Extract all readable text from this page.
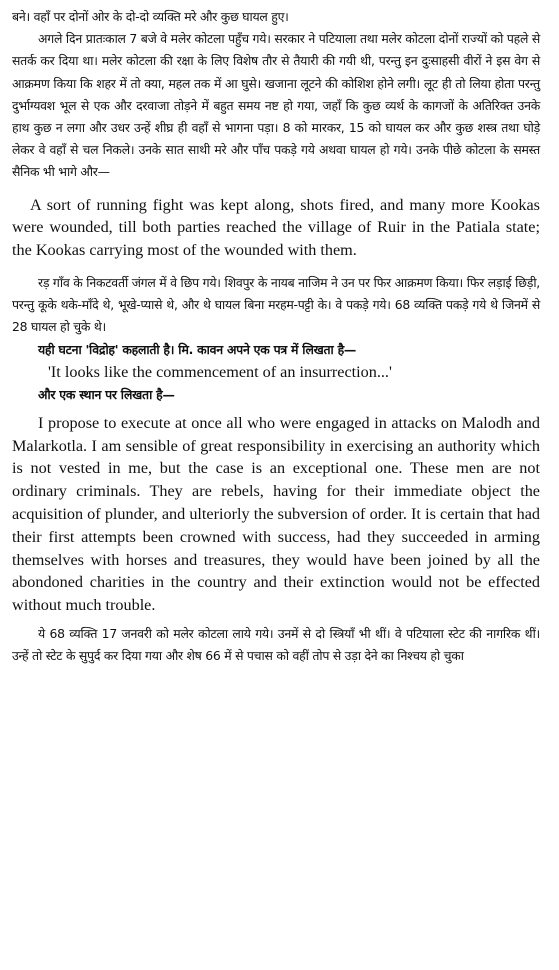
बने। वहाँ पर दोनों ओर के दो-दो व्यक्ति मरे और कुछ घायल हुए।

अगले दिन प्रातःकाल 7 बजे वे मलेर कोटला पहुँच गये। सरकार ने पटियाला तथा मलेर कोटला दोनों राज्यों को पहले से सतर्क कर दिया था। मलेर कोटला की रक्षा के लिए विशेष तौर से तैयारी की गयी थी, परन्तु इन दुःसाहसी वीरों ने इस वेग से आक्रमण किया कि शहर में तो क्या, महल तक में आ घुसे। खजाना लूटने की कोशिश होने लगी। लूट ही तो लिया होता परन्तु दुर्भाग्यवश भूल से एक और दरवाजा तोड़ने में बहुत समय नष्ट हो गया, जहाँ कि कुछ व्यर्थ के कागजों के अतिरिक्त उनके हाथ कुछ न लगा और उधर उन्हें शीघ्र ही वहाँ से भागना पड़ा। 8 को मारकर, 15 को घायल कर और कुछ शस्त्र तथा घोड़े लेकर वे वहाँ से चल निकले। उनके सात साथी मरे और पाँच पकड़े गये अथवा घायल हो गये। उनके पीछे कोटला के समस्त सैनिक भी भागे और—

A sort of running fight was kept along, shots fired, and many more Kookas were wounded, till both parties reached the village of Ruir in the Patiala state; the Kookas carrying most of the wounded with them.

रड़ गाँव के निकटवर्ती जंगल में वे छिप गये। शिवपुर के नायब नाजिम ने उन पर फिर आक्रमण किया। फिर लड़ाई छिड़ी, परन्तु कूके थके-माँदे थे, भूखे-प्यासे थे, और थे घायल बिना मरहम-पट्टी के। वे पकड़े गये। 68 व्यक्ति पकड़े गये थे जिनमें से 28 घायल हो चुके थे।

यही घटना 'विद्रोह' कहलाती है। मि. कावन अपने एक पत्र में लिखता है—

'It looks like the commencement of an insurrection...'

और एक स्थान पर लिखता है—

I propose to execute at once all who were engaged in attacks on Malodh and Malarkotla. I am sensible of great responsibility in exercising an authority which is not vested in me, but the case is an exceptional one. These men are not ordinary criminals. They are rebels, having for their immediate object the acquisition of plunder, and ulteriorly the subversion of order. It is certain that had their first attempts been crowned with success, had they succeeded in arming themselves with horses and treasures, they would have been joined by all the abondoned charities in the country and their extinction would not be effected without much trouble.

ये 68 व्यक्ति 17 जनवरी को मलेर कोटला लाये गये। उनमें से दो स्त्रियाँ भी थीं। वे पटियाला स्टेट की नागरिक थीं। उन्हें तो स्टेट के सुपुर्द कर दिया गया और शेष 66 में से पचास को वहीं तोप से उड़ा देने का निश्चय हो चुका
